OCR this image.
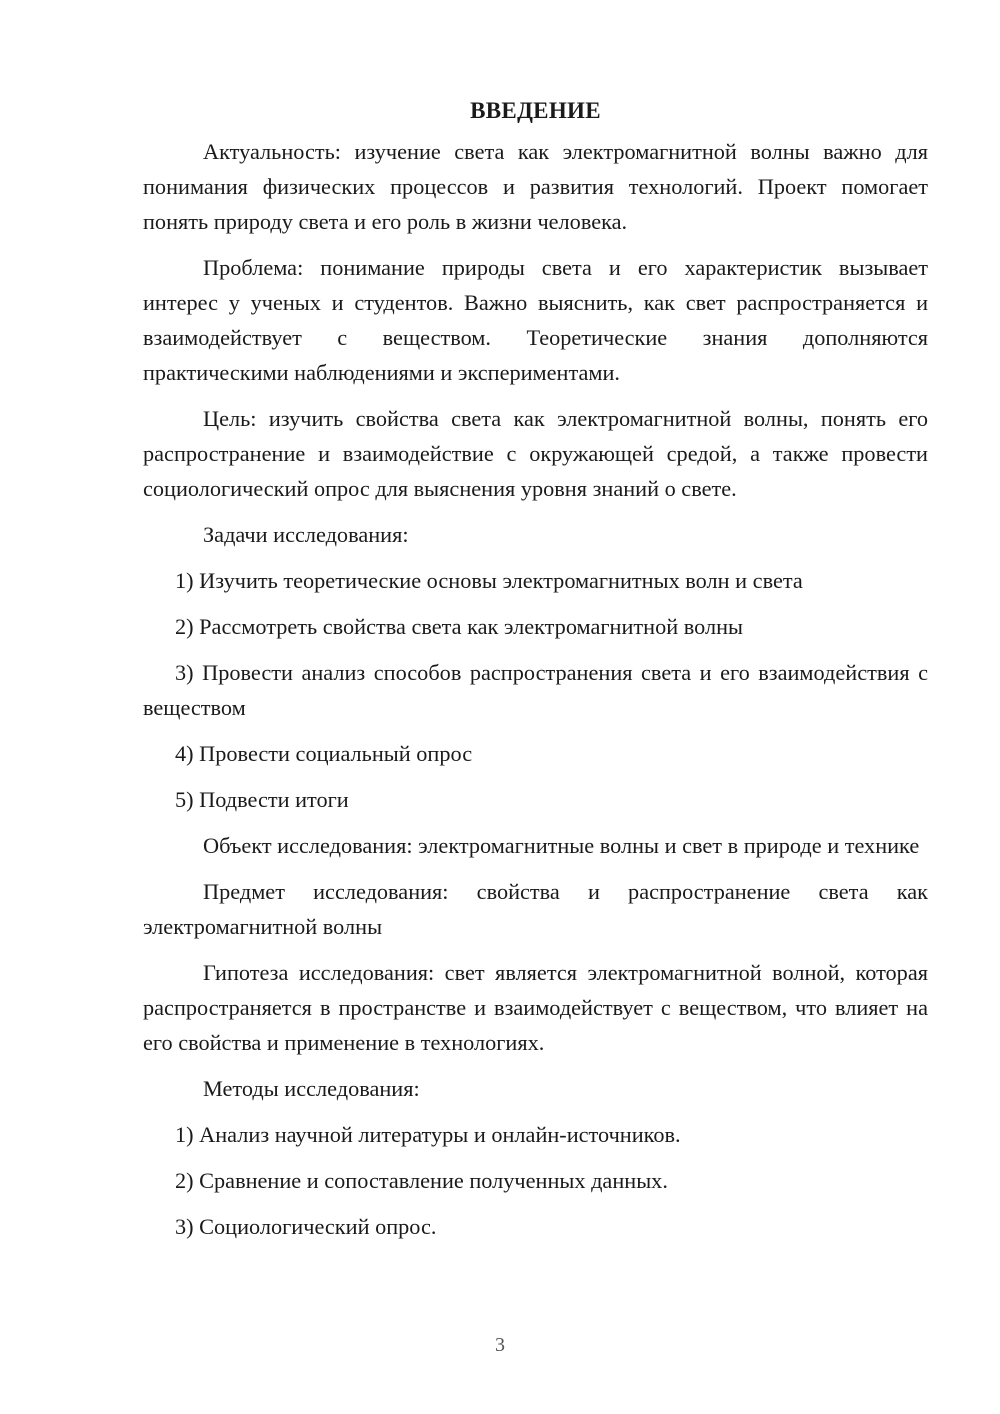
ВВЕДЕНИЕ

Актуальность: изучение света как электромагнитной волны важно для понимания физических процессов и развития технологий. Проект помогает понять природу света и его роль в жизни человека.

Проблема: понимание природы света и его характеристик вызывает интерес у ученых и студентов. Важно выяснить, как свет распространяется и взаимодействует с веществом. Теоретические знания дополняются практическими наблюдениями и экспериментами.

Цель: изучить свойства света как электромагнитной волны, понять его распространение и взаимодействие с окружающей средой, а также провести социологический опрос для выяснения уровня знаний о свете.

Задачи исследования:

1) Изучить теоретические основы электромагнитных волн и света

2) Рассмотреть свойства света как электромагнитной волны

3) Провести анализ способов распространения света и его взаимодействия с веществом

4) Провести социальный опрос

5) Подвести итоги

Объект исследования: электромагнитные волны и свет в природе и технике

Предмет исследования: свойства и распространение света как электромагнитной волны

Гипотеза исследования: свет является электромагнитной волной, которая распространяется в пространстве и взаимодействует с веществом, что влияет на его свойства и применение в технологиях.

Методы исследования:

1) Анализ научной литературы и онлайн-источников.

2) Сравнение и сопоставление полученных данных.

3) Социологический опрос.

3
